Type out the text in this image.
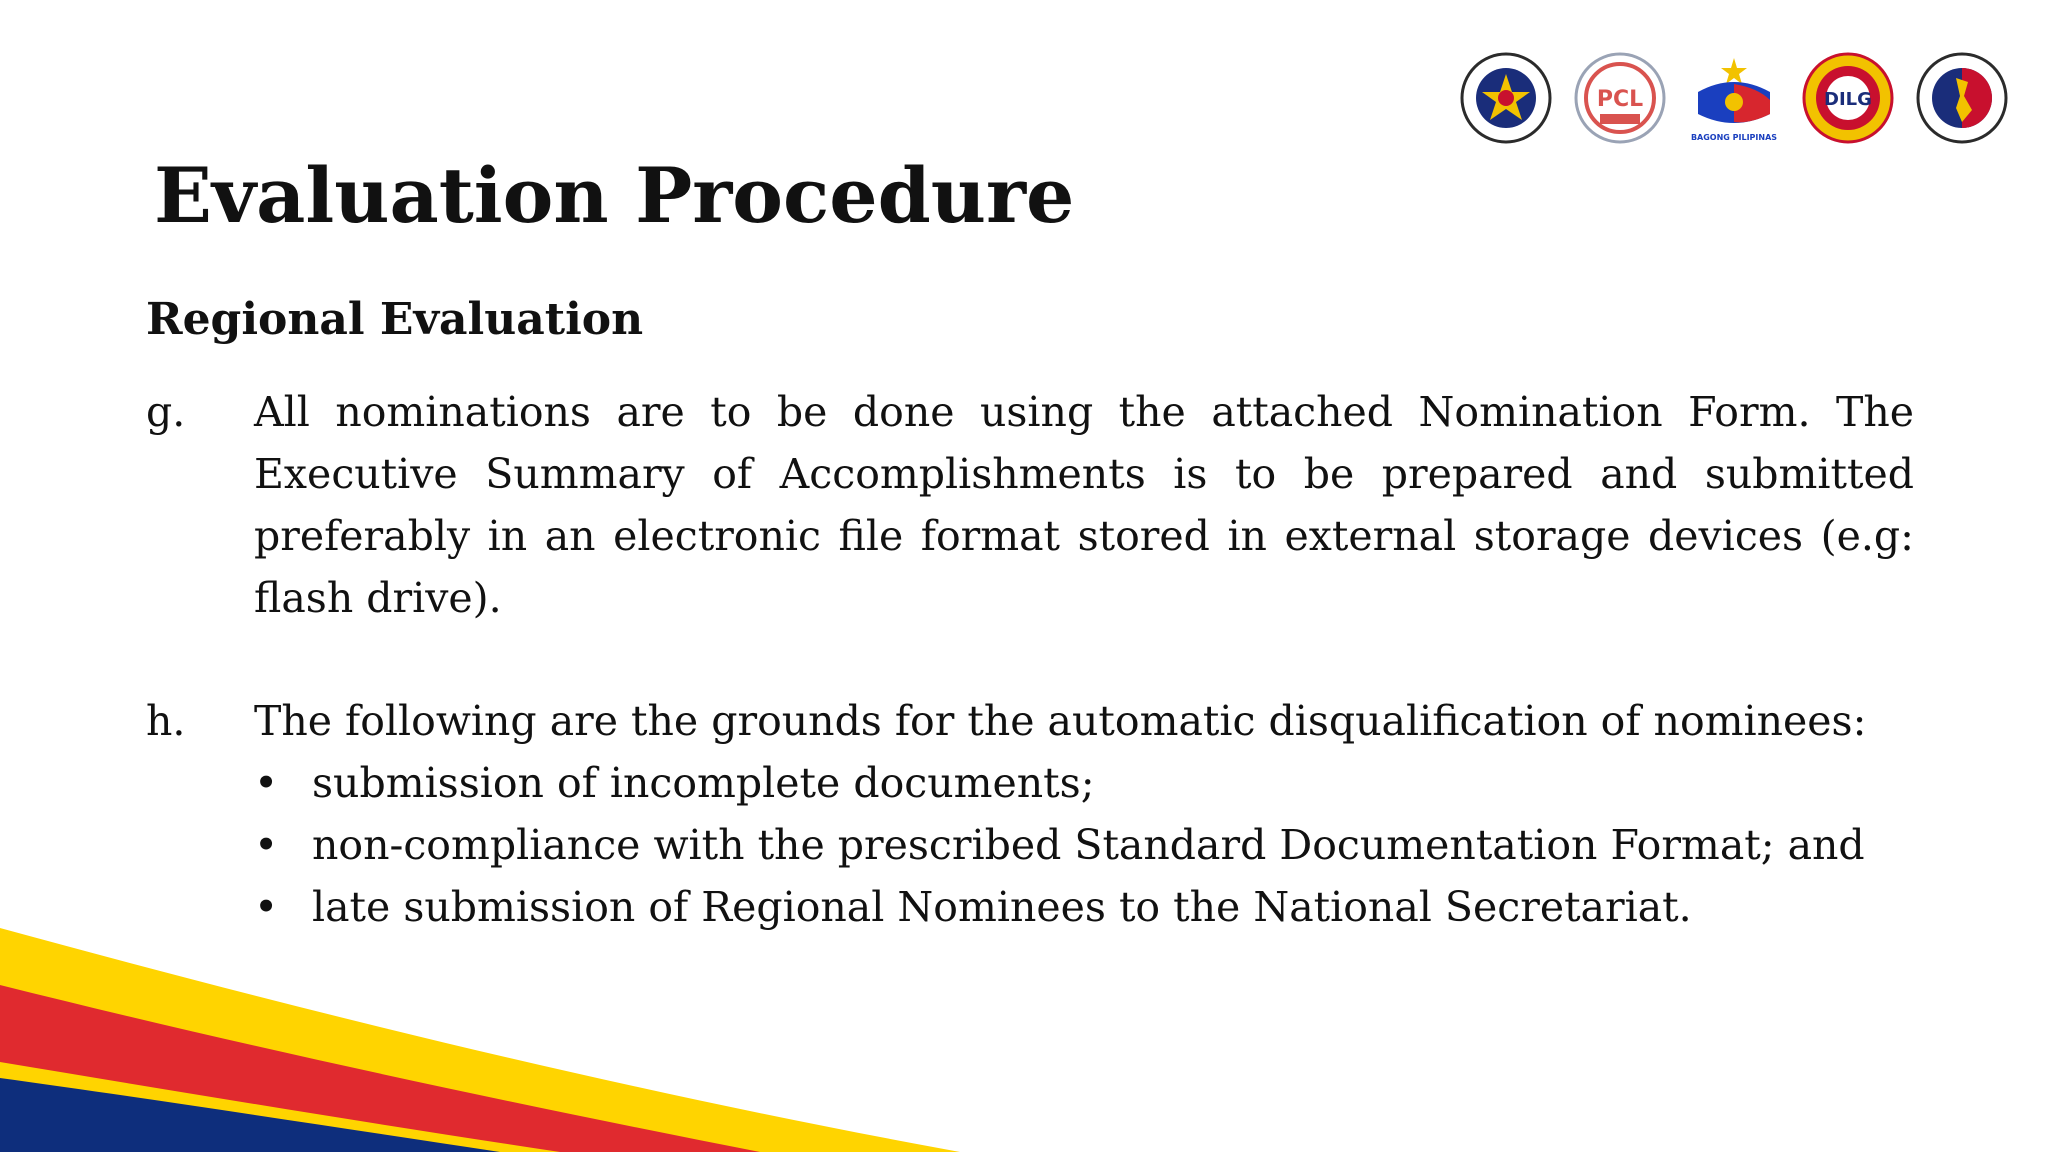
PCL
BAGONG PILIPINAS
DILG
Evaluation Procedure
Regional Evaluation
g. All nominations are to be done using the attached Nomination Form. The Executive Summary of Accomplishments is to be prepared and submitted preferably in an electronic file format stored in external storage devices (e.g: flash drive).
h. The following are the grounds for the automatic disqualification of nominees:
• submission of incomplete documents;
• non-compliance with the prescribed Standard Documentation Format; and
• late submission of Regional Nominees to the National Secretariat.
